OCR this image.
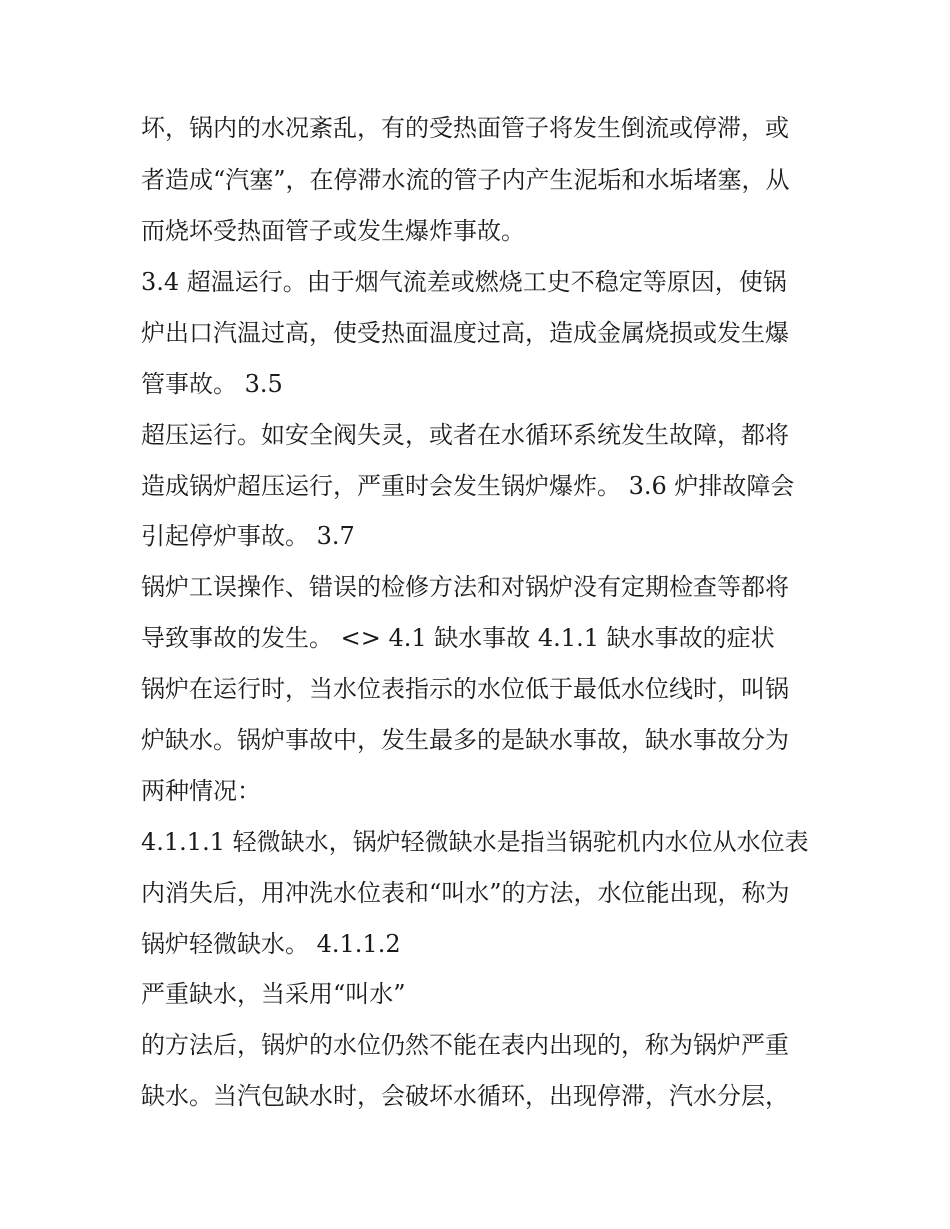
坏，锅内的水况紊乱，有的受热面管子将发生倒流或停滞，或
者造成“汽塞”，在停滞水流的管子内产生泥垢和水垢堵塞，从
而烧坏受热面管子或发生爆炸事故。
3.4 超温运行。由于烟气流差或燃烧工史不稳定等原因，使锅
炉出口汽温过高，使受热面温度过高，造成金属烧损或发生爆
管事故。 3.5
超压运行。如安全阀失灵，或者在水循环系统发生故障，都将
造成锅炉超压运行，严重时会发生锅炉爆炸。 3.6 炉排故障会
引起停炉事故。 3.7
锅炉工误操作、错误的检修方法和对锅炉没有定期检查等都将
导致事故的发生。 <> 4.1 缺水事故 4.1.1 缺水事故的症状
锅炉在运行时，当水位表指示的水位低于最低水位线时，叫锅
炉缺水。锅炉事故中，发生最多的是缺水事故，缺水事故分为
两种情况：
4.1.1.1 轻微缺水，锅炉轻微缺水是指当锅驼机内水位从水位表
内消失后，用冲洗水位表和“叫水”的方法，水位能出现，称为
锅炉轻微缺水。 4.1.1.2
严重缺水，当采用“叫水”
的方法后，锅炉的水位仍然不能在表内出现的，称为锅炉严重
缺水。当汽包缺水时，会破坏水循环，出现停滞，汽水分层，
